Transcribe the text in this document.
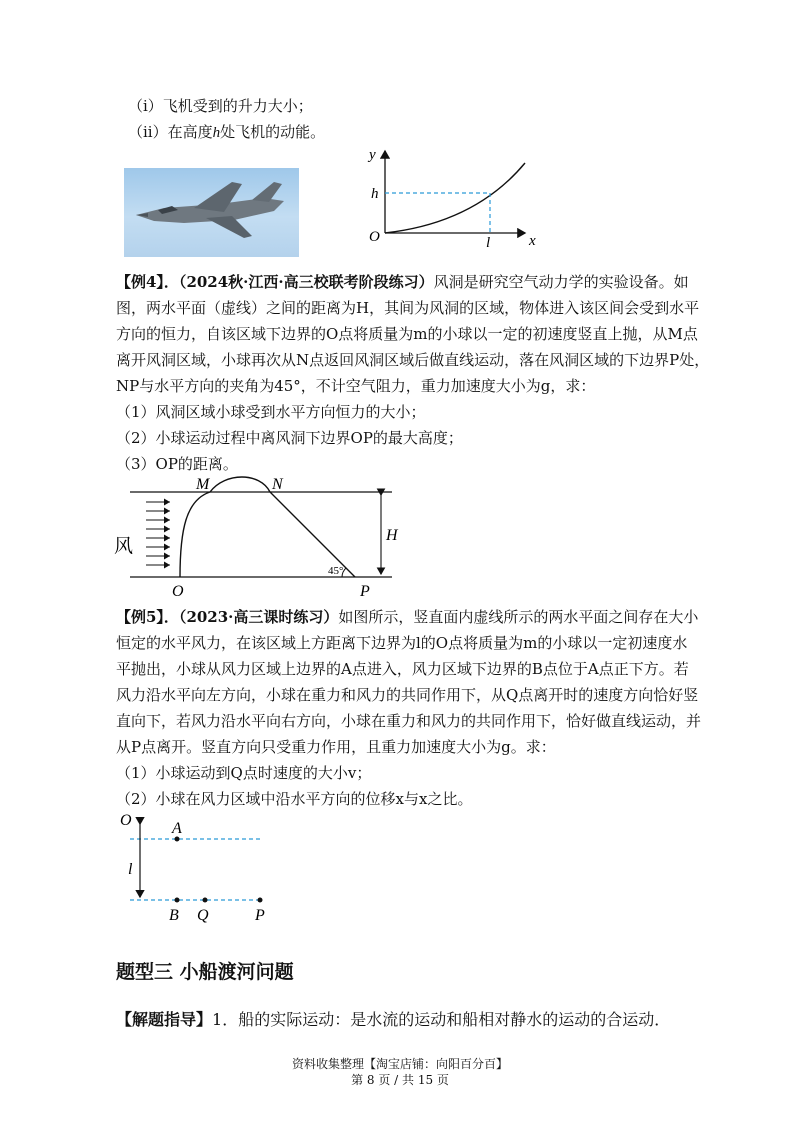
（i）飞机受到的升力大小；
（ii）在高度h处飞机的动能。
y
x
O
h
l
【例4】．（2024秋·江西·高三校联考阶段练习）风洞是研究空气动力学的实验设备。如
图，两水平面（虚线）之间的距离为H，其间为风洞的区域，物体进入该区间会受到水平
方向的恒力，自该区域下边界的O点将质量为m的小球以一定的初速度竖直上抛，从M点
离开风洞区域，小球再次从N点返回风洞区域后做直线运动，落在风洞区域的下边界P处，
NP与水平方向的夹角为45°，不计空气阻力，重力加速度大小为g，求：
（1）风洞区域小球受到水平方向恒力的大小；
（2）小球运动过程中离风洞下边界OP的最大高度；
（3）OP的距离。
M	N
H
O	P
45°
风
【例5】．（2023·高三课时练习）如图所示，竖直面内虚线所示的两水平面之间存在大小
恒定的水平风力，在该区域上方距离下边界为l的O点将质量为m的小球以一定初速度水
平抛出，小球从风力区域上边界的A点进入，风力区域下边界的B点位于A点正下方。若
风力沿水平向左方向，小球在重力和风力的共同作用下，从Q点离开时的速度方向恰好竖
直向下，若风力沿水平向右方向，小球在重力和风力的共同作用下，恰好做直线运动，并
从P点离开。竖直方向只受重力作用，且重力加速度大小为g。求：
（1）小球运动到Q点时速度的大小v；
（2）小球在风力区域中沿水平方向的位移x与x之比。
O	A
l
B Q	P
题型三 小船渡河问题
【解题指导】1．船的实际运动：是水流的运动和船相对静水的运动的合运动．
资料收集整理【淘宝店铺：向阳百分百】
第 8 页 / 共 15 页
